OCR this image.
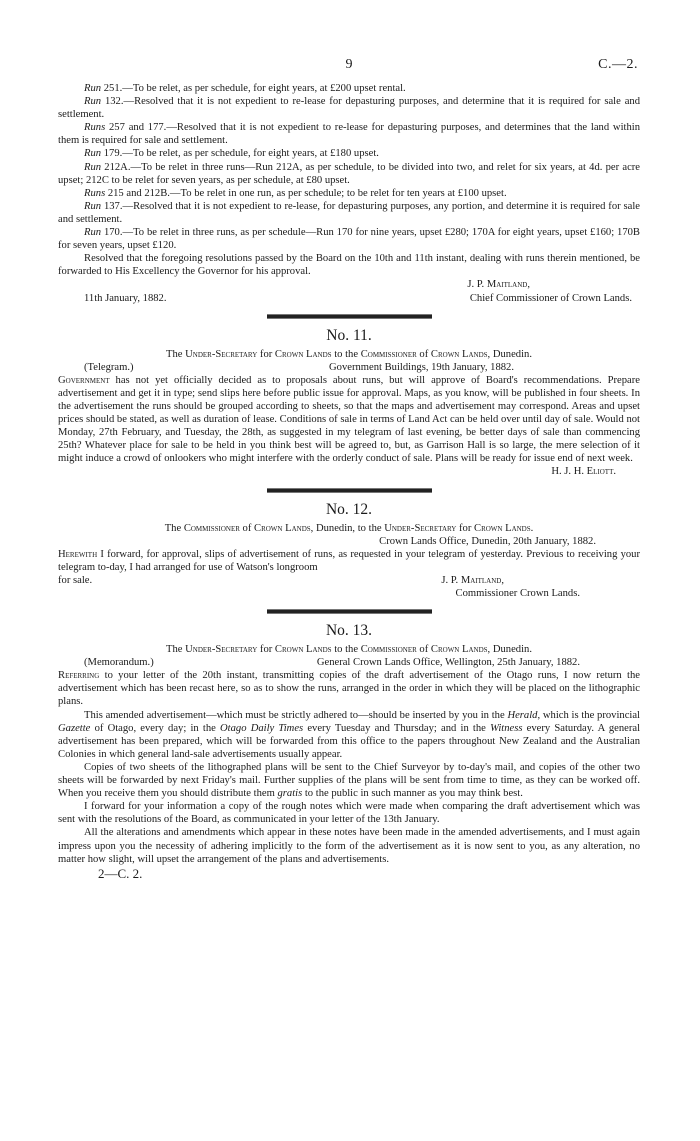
9	C.—2.

Run 251.—To be relet, as per schedule, for eight years, at £200 upset rental.

Run 132.—Resolved that it is not expedient to re-lease for depasturing purposes, and determine that it is required for sale and settlement.

Runs 257 and 177.—Resolved that it is not expedient to re-lease for depasturing purposes, and determines that the land within them is required for sale and settlement.

Run 179.—To be relet, as per schedule, for eight years, at £180 upset.

Run 212A.—To be relet in three runs—Run 212A, as per schedule, to be divided into two, and relet for six years, at 4d. per acre upset; 212C to be relet for seven years, as per schedule, at £80 upset.

Runs 215 and 212B.—To be relet in one run, as per schedule; to be relet for ten years at £100 upset.

Run 137.—Resolved that it is not expedient to re-lease, for depasturing purposes, any portion, and determine it is required for sale and settlement.

Run 170.—To be relet in three runs, as per schedule—Run 170 for nine years, upset £280; 170A for eight years, upset £160; 170B for seven years, upset £120.

Resolved that the foregoing resolutions passed by the Board on the 10th and 11th instant, dealing with runs therein mentioned, be forwarded to His Excellency the Governor for his approval.

J. P. Maitland,

11th January, 1882.	Chief Commissioner of Crown Lands.
No. 11.

The Under-Secretary for Crown Lands to the Commissioner of Crown Lands, Dunedin.

(Telegram.)	Government Buildings, 19th January, 1882.

Government has not yet officially decided as to proposals about runs, but will approve of Board's recommendations. Prepare advertisement and get it in type; send slips here before public issue for approval. Maps, as you know, will be published in four sheets. In the advertisement the runs should be grouped according to sheets, so that the maps and advertisement may correspond. Areas and upset prices should be stated, as well as duration of lease. Conditions of sale in terms of Land Act can be held over until day of sale. Would not Monday, 27th February, and Tuesday, the 28th, as suggested in my telegram of last evening, be better days of sale than commencing 25th? Whatever place for sale to be held in you think best will be agreed to, but, as Garrison Hall is so large, the mere selection of it might induce a crowd of onlookers who might interfere with the orderly conduct of sale. Plans will be ready for issue end of next week.

H. J. H. Eliott.

No. 12.

The Commissioner of Crown Lands, Dunedin, to the Under-Secretary for Crown Lands.

Crown Lands Office, Dunedin, 20th January, 1882.

Herewith I forward, for approval, slips of advertisement of runs, as requested in your telegram of yesterday. Previous to receiving your telegram to-day, I had arranged for use of Watson's longroom

for sale.	J. P. Maitland,

Commissioner Crown Lands.

No. 13.

The Under-Secretary for Crown Lands to the Commissioner of Crown Lands, Dunedin.

(Memorandum.)	General Crown Lands Office, Wellington, 25th January, 1882.

Referring to your letter of the 20th instant, transmitting copies of the draft advertisement of the Otago runs, I now return the advertisement which has been recast here, so as to show the runs, arranged in the order in which they will be placed on the lithographic plans.

This amended advertisement—which must be strictly adhered to—should be inserted by you in the Herald, which is the provincial Gazette of Otago, every day; in the Otago Daily Times every Tuesday and Thursday; and in the Witness every Saturday. A general advertisement has been prepared, which will be forwarded from this office to the papers throughout New Zealand and the Australian Colonies in which general land-sale advertisements usually appear.

Copies of two sheets of the lithographed plans will be sent to the Chief Surveyor by to-day's mail, and copies of the other two sheets will be forwarded by next Friday's mail. Further supplies of the plans will be sent from time to time, as they can be worked off. When you receive them you should distribute them gratis to the public in such manner as you may think best.

I forward for your information a copy of the rough notes which were made when comparing the draft advertisement which was sent with the resolutions of the Board, as communicated in your letter of the 13th January.

All the alterations and amendments which appear in these notes have been made in the amended advertisements, and I must again impress upon you the necessity of adhering implicitly to the form of the advertisement as it is now sent to you, as any alteration, no matter how slight, will upset the arrangement of the plans and advertisements.

2—C. 2.
